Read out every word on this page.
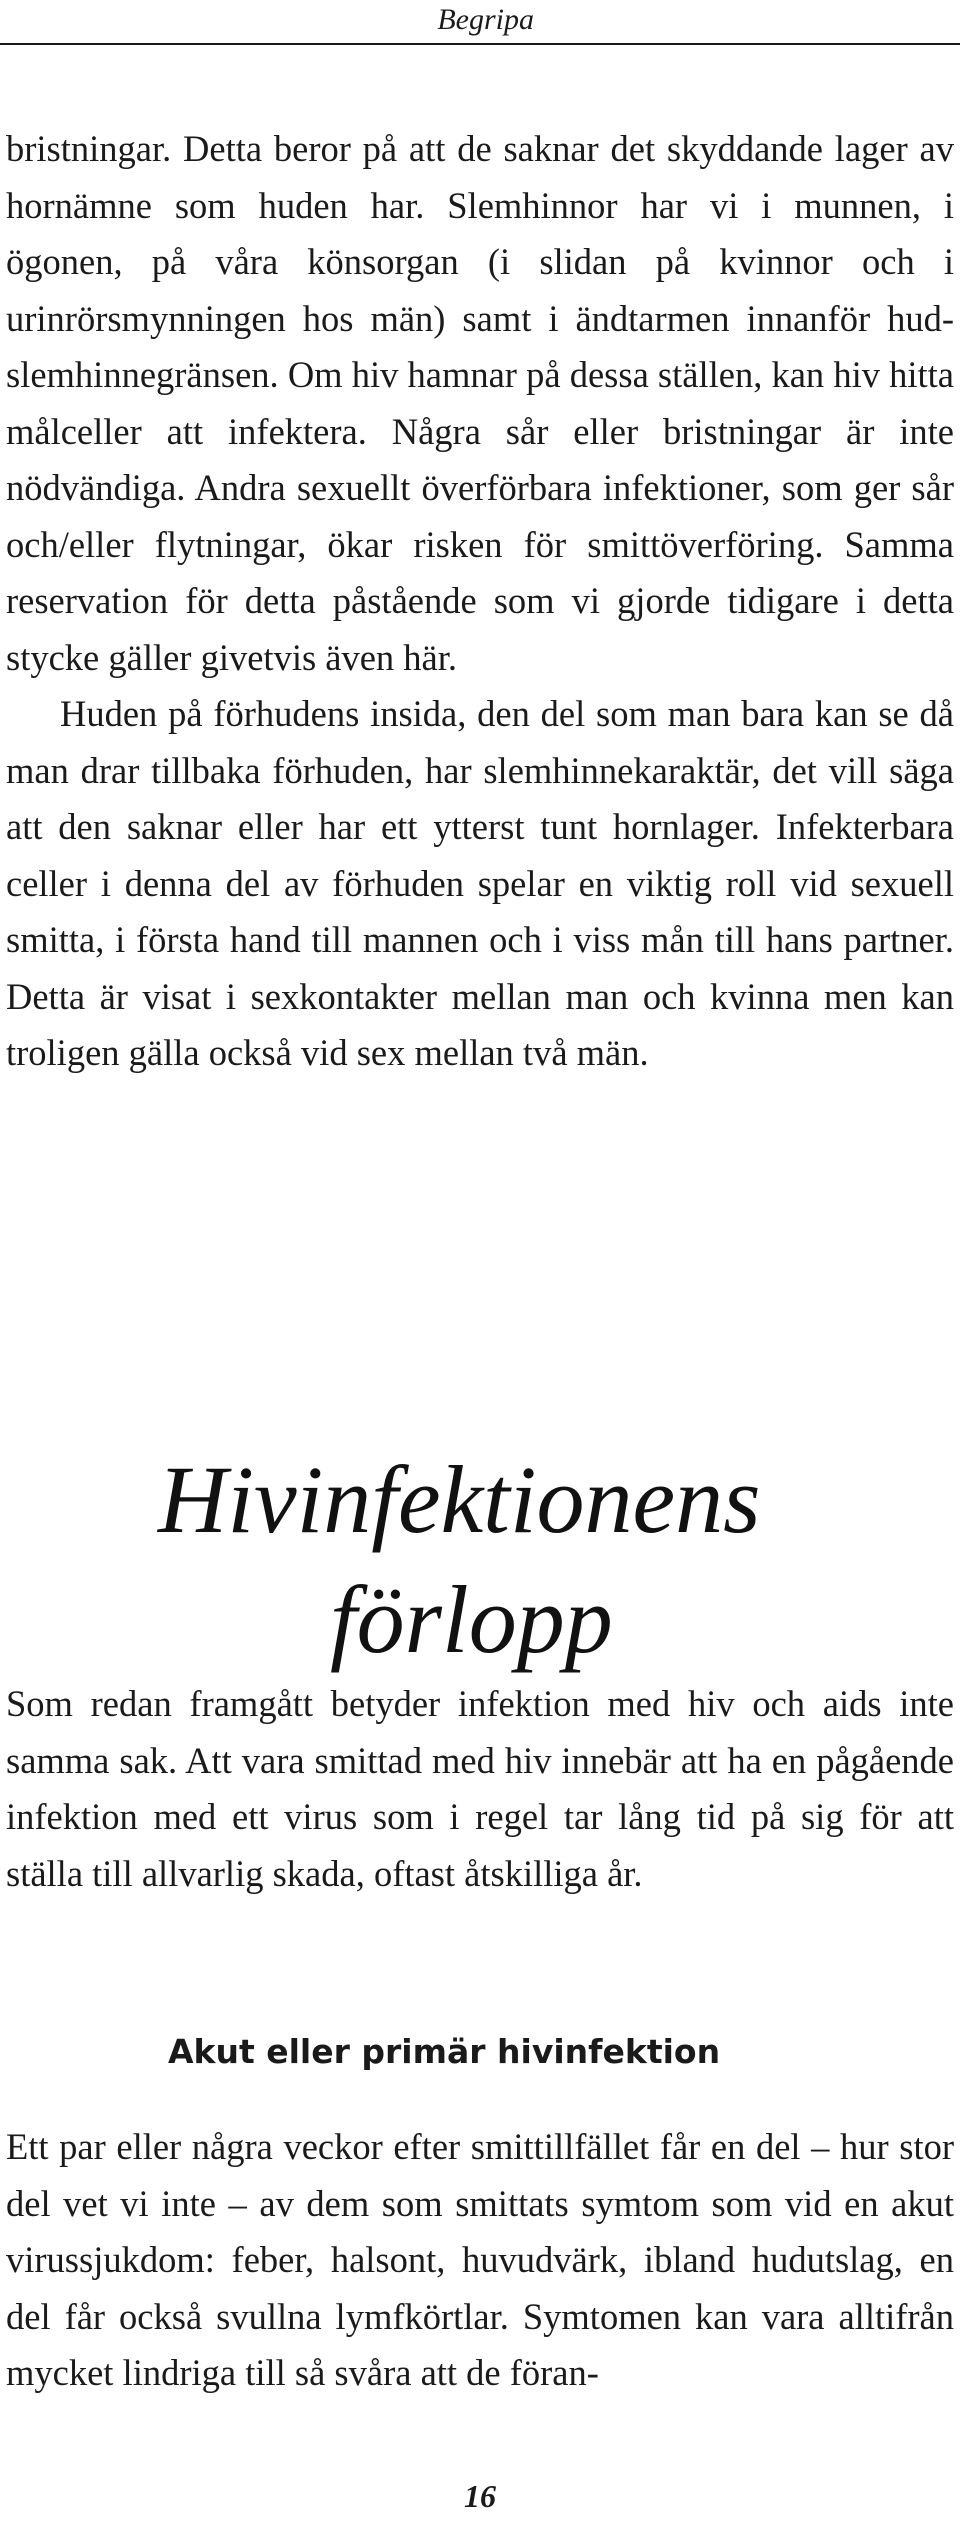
Begripa

bristningar. Detta beror på att de saknar det skyddande lager av hornämne som huden har. Slemhinnor har vi i munnen, i ögonen, på våra könsorgan (i slidan på kvinnor och i urinrörsmynningen hos män) samt i ändtarmen innanför hud-slemhinnegränsen. Om hiv hamnar på dessa ställen, kan hiv hitta målceller att infektera. Några sår eller bristningar är inte nödvändiga. Andra sexuellt överförbara infektioner, som ger sår och/eller flytningar, ökar risken för smittöverföring. Samma reservation för detta påstående som vi gjorde tidigare i detta stycke gäller givetvis även här.

Huden på förhudens insida, den del som man bara kan se då man drar tillbaka förhuden, har slemhinnekaraktär, det vill säga att den saknar eller har ett ytterst tunt hornlager. Infekterbara celler i denna del av förhuden spelar en viktig roll vid sexuell smitta, i första hand till mannen och i viss mån till hans partner. Detta är visat i sexkontakter mellan man och kvinna men kan troligen gälla också vid sex mellan två män.

Hivinfektionens
förlopp

Som redan framgått betyder infektion med hiv och aids inte samma sak. Att vara smittad med hiv innebär att ha en pågående infektion med ett virus som i regel tar lång tid på sig för att ställa till allvarlig skada, oftast åtskilliga år.

Akut eller primär hivinfektion

Ett par eller några veckor efter smittillfället får en del – hur stor del vet vi inte – av dem som smittats symtom som vid en akut virussjukdom: feber, halsont, huvudvärk, ibland hudutslag, en del får också svullna lymfkörtlar. Symtomen kan vara alltifrån mycket lindriga till så svåra att de föran-

16
